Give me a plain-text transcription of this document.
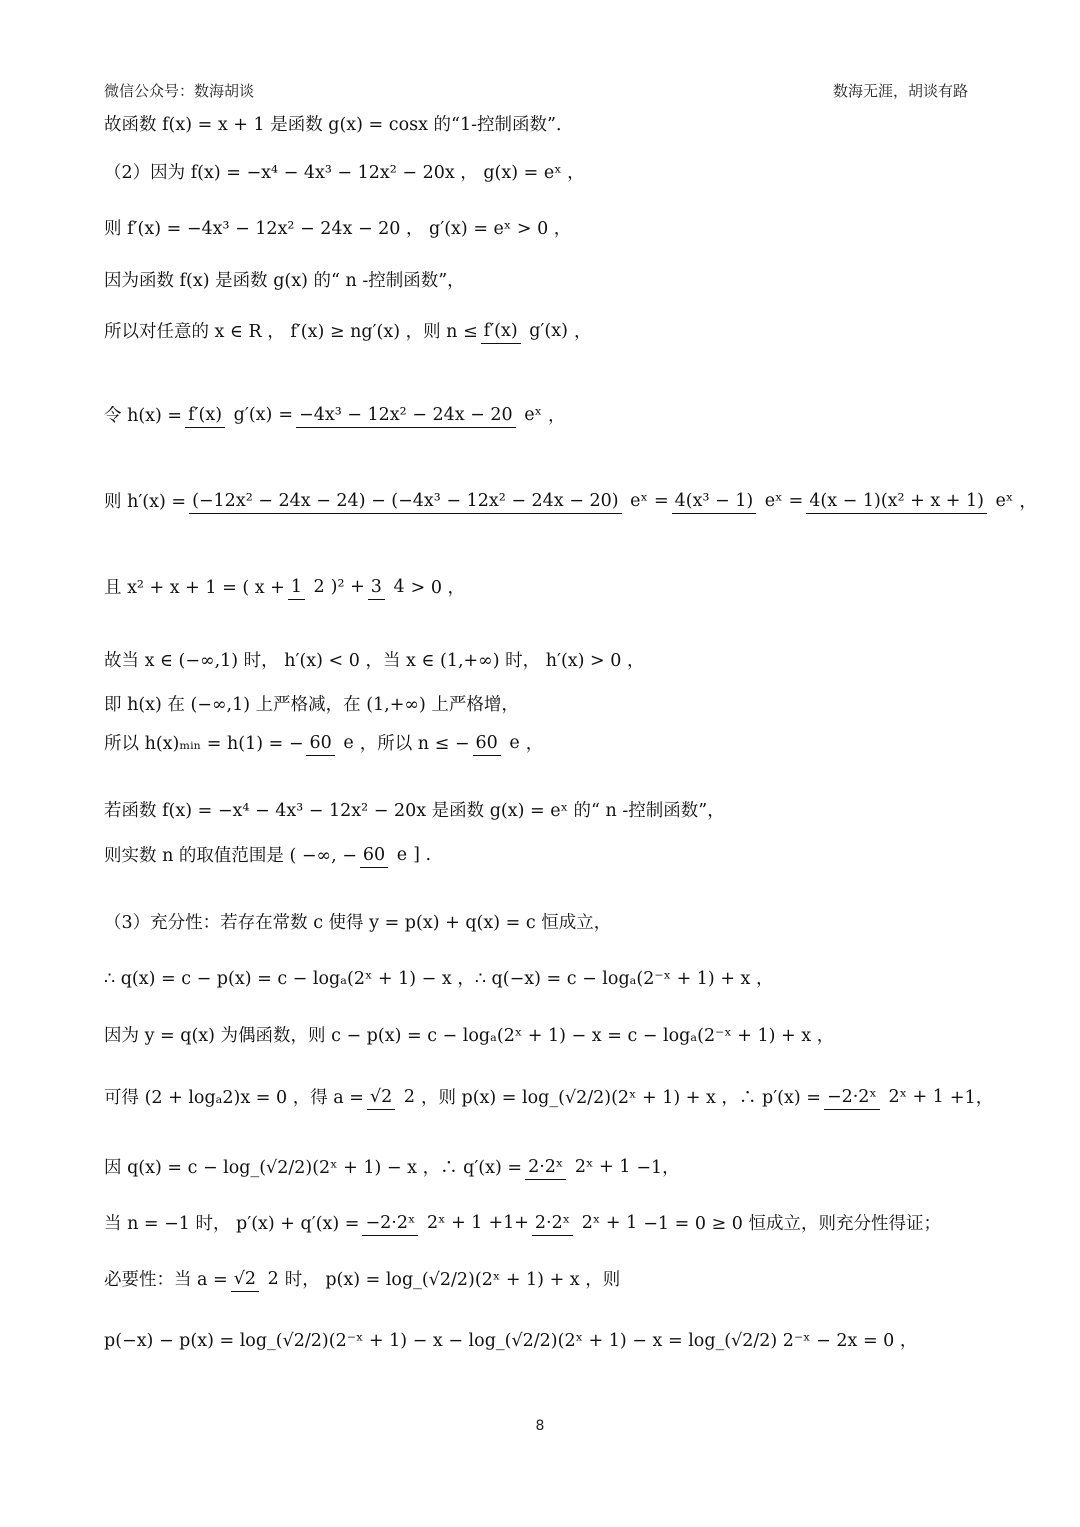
微信公众号：数海胡谈	数海无涯，胡谈有路
故函数 f(x) = x + 1 是函数 g(x) = cosx 的“1-控制函数”．
（2）因为 f(x) = −x⁴ − 4x³ − 12x² − 20x ， g(x) = eˣ ，
则 f′(x) = −4x³ − 12x² − 24x − 20 ， g′(x) = eˣ > 0 ，
因为函数 f(x) 是函数 g(x) 的“ n -控制函数”，
所以对任意的 x ∈ R ， f′(x) ≥ ng′(x) ，则 n ≤ f′(x) g′(x) ，
令 h(x) = f′(x) g′(x) = −4x³ − 12x² − 24x − 20 eˣ ，
则 h′(x) = (−12x² − 24x − 24) − (−4x³ − 12x² − 24x − 20) eˣ = 4(x³ − 1) eˣ = 4(x − 1)(x² + x + 1) eˣ ，
且 x² + x + 1 = ( x + 1 2 )² + 3 4 > 0 ，
故当 x ∈ (−∞,1) 时， h′(x) < 0 ，当 x ∈ (1,+∞) 时， h′(x) > 0 ，
即 h(x) 在 (−∞,1) 上严格减，在 (1,+∞) 上严格增，
所以 h(x)ₘᵢₙ = h(1) = − 60 e ，所以 n ≤ − 60 e ，
若函数 f(x) = −x⁴ − 4x³ − 12x² − 20x 是函数 g(x) = eˣ 的“ n -控制函数”，
则实数 n 的取值范围是 ( −∞, − 60 e ] .
（3）充分性：若存在常数 c 使得 y = p(x) + q(x) = c 恒成立，
∴ q(x) = c − p(x) = c − logₐ(2ˣ + 1) − x ，∴ q(−x) = c − logₐ(2⁻ˣ + 1) + x ，
因为 y = q(x) 为偶函数，则 c − p(x) = c − logₐ(2ˣ + 1) − x = c − logₐ(2⁻ˣ + 1) + x ，
可得 (2 + logₐ2)x = 0 ，得 a = √2 2 ，则 p(x) = log_(√2/2)(2ˣ + 1) + x ，∴ p′(x) = −2·2ˣ 2ˣ + 1 +1，
因 q(x) = c − log_(√2/2)(2ˣ + 1) − x ，∴ q′(x) = 2·2ˣ 2ˣ + 1 −1，
当 n = −1 时， p′(x) + q′(x) = −2·2ˣ 2ˣ + 1 +1+ 2·2ˣ 2ˣ + 1 −1 = 0 ≥ 0 恒成立，则充分性得证；
必要性：当 a = √2 2 时， p(x) = log_(√2/2)(2ˣ + 1) + x ，则
p(−x) − p(x) = log_(√2/2)(2⁻ˣ + 1) − x − log_(√2/2)(2ˣ + 1) − x = log_(√2/2) 2⁻ˣ − 2x = 0 ，
8
